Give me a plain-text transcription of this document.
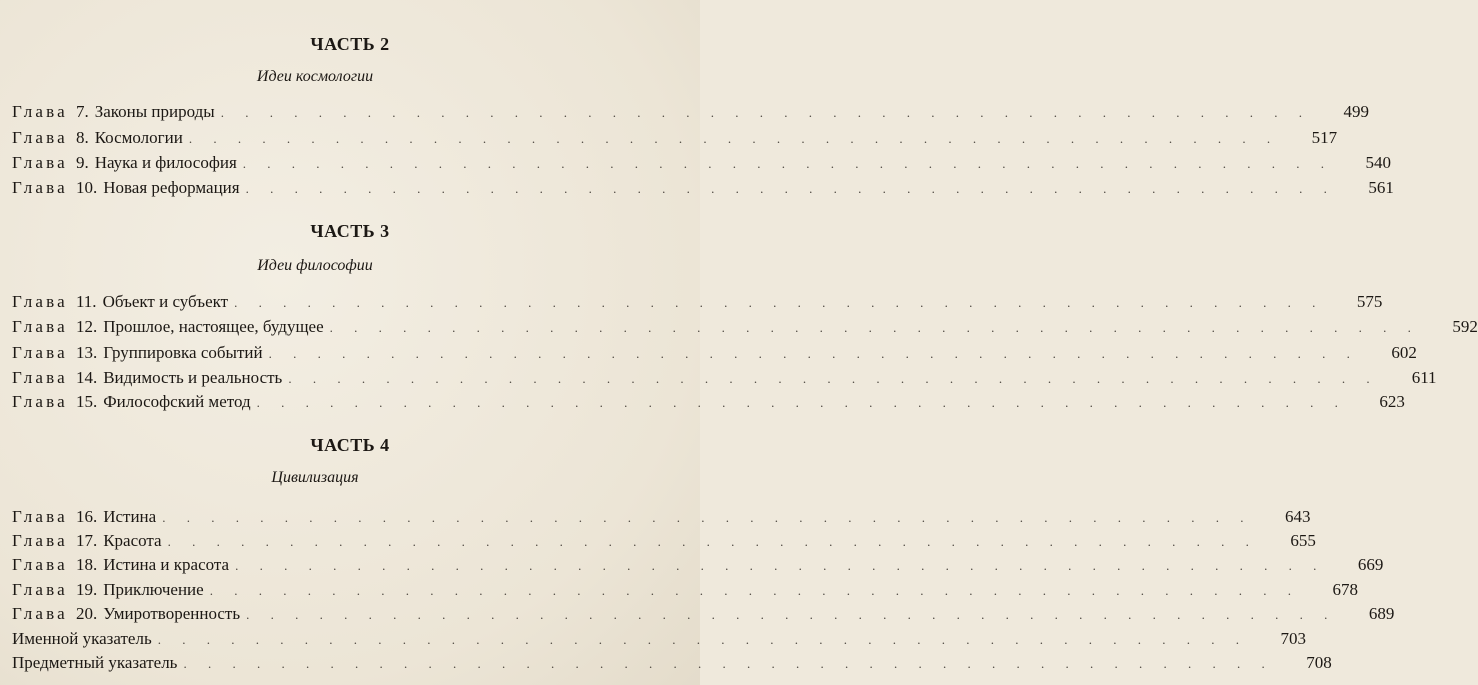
ЧАСТЬ 2
Идеи космологии
Глава 7. Законы природы . . . . . . . . . . . . . . . . . . . . . . . . . . . . . . . . . . . . . . . . . . . . .	499
Глава 8. Космологии . . . . . . . . . . . . . . . . . . . . . . . . . . . . . . . . . . . . . . . . . . . . .	517
Глава 9. Наука и философия . . . . . . . . . . . . . . . . . . . . . . . . . . . . . . . . . . . . . . . . . . . . .	540
Глава 10. Новая реформация . . . . . . . . . . . . . . . . . . . . . . . . . . . . . . . . . . . . . . . . . . . . .	561
ЧАСТЬ 3
Идеи философии
Глава 11. Объект и субъект . . . . . . . . . . . . . . . . . . . . . . . . . . . . . . . . . . . . . . . . . . . . .	575
Глава 12. Прошлое, настоящее, будущее . . . . . . . . . . . . . . . . . . . . . . . . . . . . . . . . . . . . . . . . . . . . .	592
Глава 13. Группировка событий . . . . . . . . . . . . . . . . . . . . . . . . . . . . . . . . . . . . . . . . . . . . .	602
Глава 14. Видимость и реальность . . . . . . . . . . . . . . . . . . . . . . . . . . . . . . . . . . . . . . . . . . . . .	611
Глава 15. Философский метод . . . . . . . . . . . . . . . . . . . . . . . . . . . . . . . . . . . . . . . . . . . . .	623
ЧАСТЬ 4
Цивилизация
Глава 16. Истина . . . . . . . . . . . . . . . . . . . . . . . . . . . . . . . . . . . . . . . . . . . . .	643
Глава 17. Красота . . . . . . . . . . . . . . . . . . . . . . . . . . . . . . . . . . . . . . . . . . . . .	655
Глава 18. Истина и красота . . . . . . . . . . . . . . . . . . . . . . . . . . . . . . . . . . . . . . . . . . . . .	669
Глава 19. Приключение . . . . . . . . . . . . . . . . . . . . . . . . . . . . . . . . . . . . . . . . . . . . .	678
Глава 20. Умиротворенность . . . . . . . . . . . . . . . . . . . . . . . . . . . . . . . . . . . . . . . . . . . . .	689
Именной указатель . . . . . . . . . . . . . . . . . . . . . . . . . . . . . . . . . . . . . . . . . . . . .	703
Предметный указатель . . . . . . . . . . . . . . . . . . . . . . . . . . . . . . . . . . . . . . . . . . . . .	708
